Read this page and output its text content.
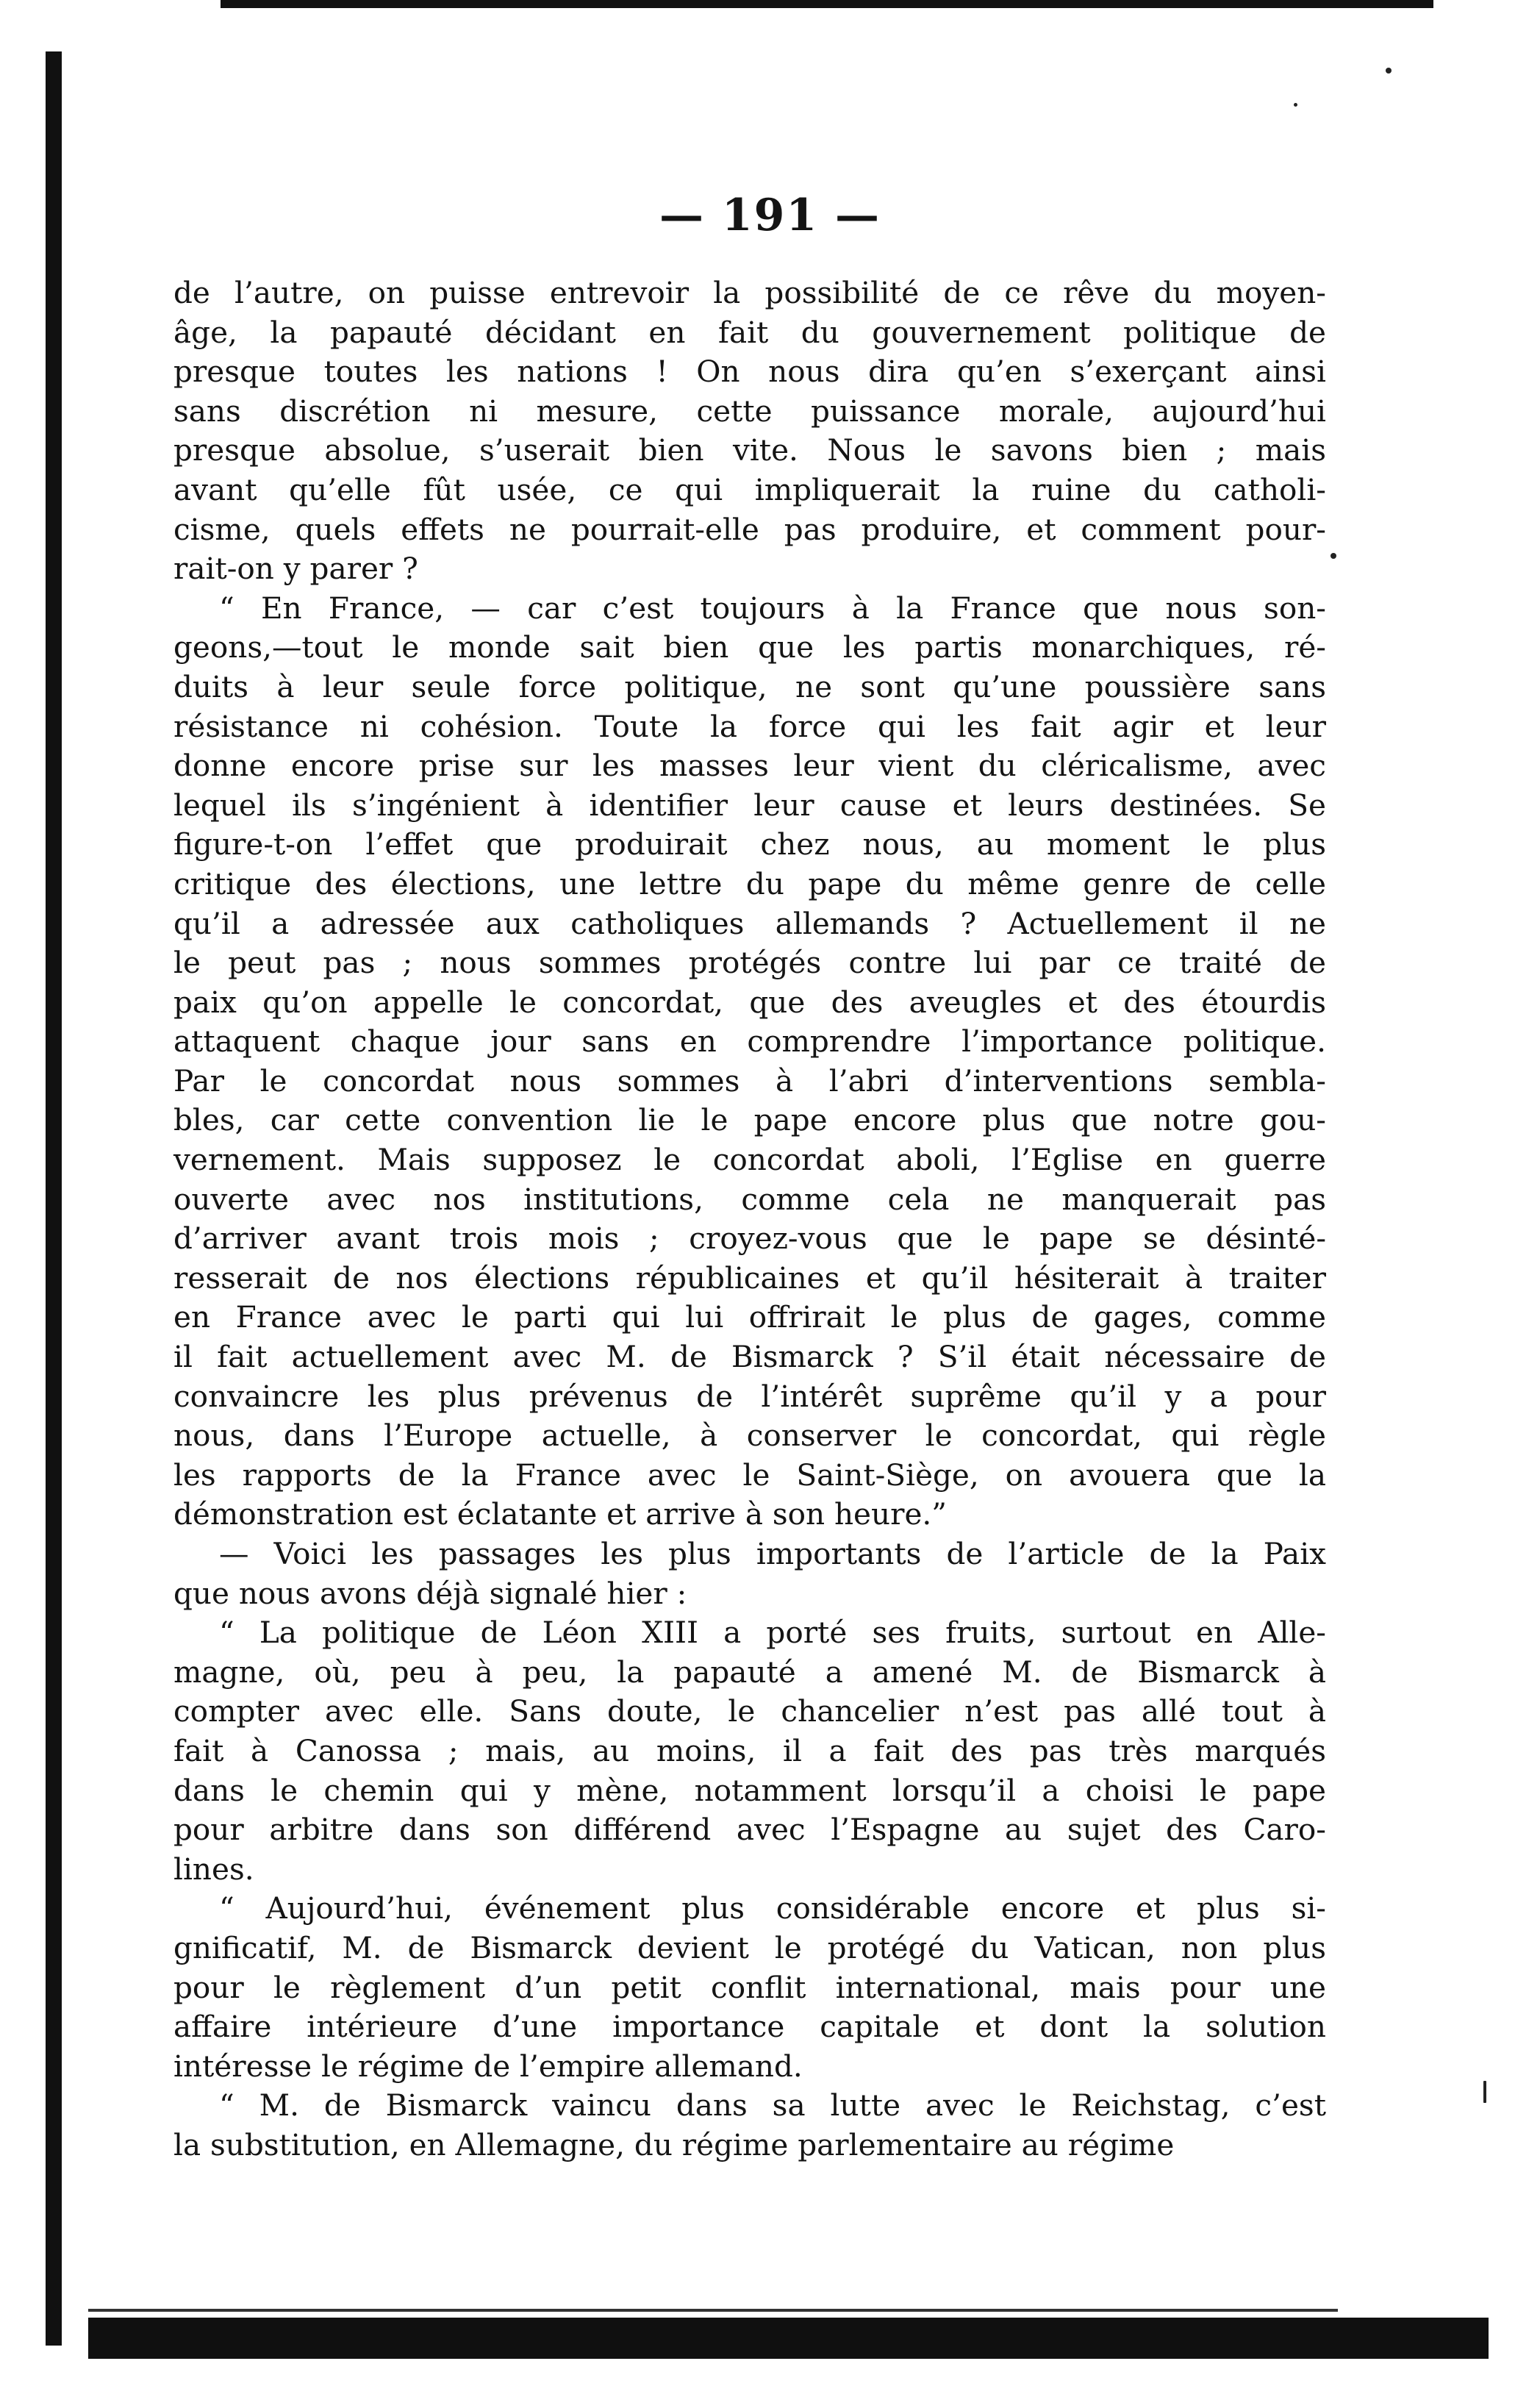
— 191 —

de l’autre, on puisse entrevoir la possibilité de ce rêve du moyen-
âge, la papauté décidant en fait du gouvernement politique de
presque toutes les nations ! On nous dira qu’en s’exerçant ainsi
sans discrétion ni mesure, cette puissance morale, aujourd’hui
presque absolue, s’userait bien vite. Nous le savons bien ; mais
avant qu’elle fût usée, ce qui impliquerait la ruine du catholi-
cisme, quels effets ne pourrait-elle pas produire, et comment pour-
rait-on y parer ?

“ En France, — car c’est toujours à la France que nous son-
geons,—tout le monde sait bien que les partis monarchiques, ré-
duits à leur seule force politique, ne sont qu’une poussière sans
résistance ni cohésion. Toute la force qui les fait agir et leur
donne encore prise sur les masses leur vient du cléricalisme, avec
lequel ils s’ingénient à identifier leur cause et leurs destinées. Se
figure-t-on l’effet que produirait chez nous, au moment le plus
critique des élections, une lettre du pape du même genre de celle
qu’il a adressée aux catholiques allemands ? Actuellement il ne
le peut pas ; nous sommes protégés contre lui par ce traité de
paix qu’on appelle le concordat, que des aveugles et des étourdis
attaquent chaque jour sans en comprendre l’importance politique.
Par le concordat nous sommes à l’abri d’interventions sembla-
bles, car cette convention lie le pape encore plus que notre gou-
vernement. Mais supposez le concordat aboli, l’Eglise en guerre
ouverte avec nos institutions, comme cela ne manquerait pas
d’arriver avant trois mois ; croyez-vous que le pape se désinté-
resserait de nos élections républicaines et qu’il hésiterait à traiter
en France avec le parti qui lui offrirait le plus de gages, comme
il fait actuellement avec M. de Bismarck ? S’il était nécessaire de
convaincre les plus prévenus de l’intérêt suprême qu’il y a pour
nous, dans l’Europe actuelle, à conserver le concordat, qui règle
les rapports de la France avec le Saint-Siège, on avouera que la
démonstration est éclatante et arrive à son heure.”

— Voici les passages les plus importants de l’article de la Paix
que nous avons déjà signalé hier :

“ La politique de Léon XIII a porté ses fruits, surtout en Alle-
magne, où, peu à peu, la papauté a amené M. de Bismarck à
compter avec elle. Sans doute, le chancelier n’est pas allé tout à
fait à Canossa ; mais, au moins, il a fait des pas très marqués
dans le chemin qui y mène, notamment lorsqu’il a choisi le pape
pour arbitre dans son différend avec l’Espagne au sujet des Caro-
lines.

“ Aujourd’hui, événement plus considérable encore et plus si-
gnificatif, M. de Bismarck devient le protégé du Vatican, non plus
pour le règlement d’un petit conflit international, mais pour une
affaire intérieure d’une importance capitale et dont la solution
intéresse le régime de l’empire allemand.

“ M. de Bismarck vaincu dans sa lutte avec le Reichstag, c’est
la substitution, en Allemagne, du régime parlementaire au régime
